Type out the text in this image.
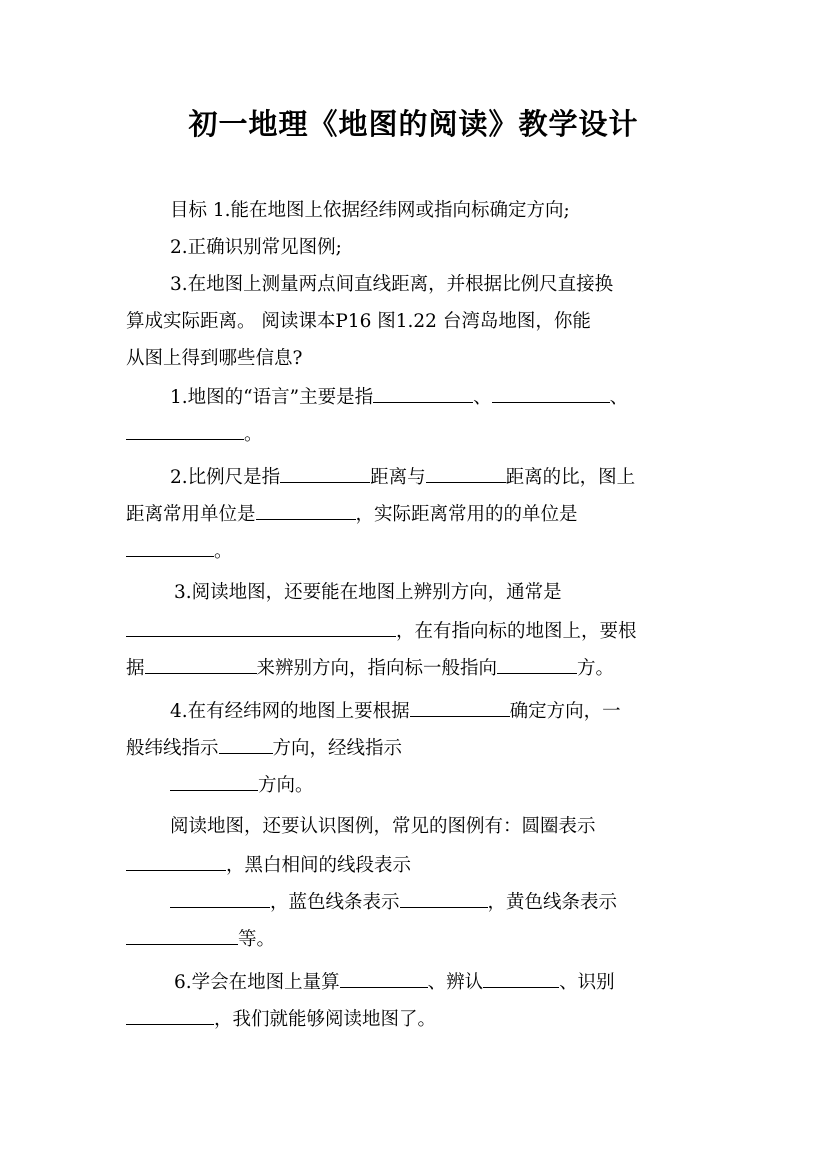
初一地理《地图的阅读》教学设计
目标 1.能在地图上依据经纬网或指向标确定方向;
2.正确识别常见图例;
3.在地图上测量两点间直线距离，并根据比例尺直接换
算成实际距离。 阅读课本P16 图1.22 台湾岛地图，你能
从图上得到哪些信息?
1.地图的“语言”主要是指	、	、
。
2.比例尺是指	距离与	距离的比，图上
距离常用单位是	，实际距离常用的的单位是
。
3.阅读地图，还要能在地图上辨别方向，通常是
，在有指向标的地图上，要根
据	来辨别方向，指向标一般指向	方。
4.在有经纬网的地图上要根据	确定方向，一
般纬线指示	方向，经线指示
方向。
阅读地图，还要认识图例，常见的图例有：圆圈表示
，黑白相间的线段表示
，蓝色线条表示	，黄色线条表示
等。
6.学会在地图上量算	、辨认	、识别
，我们就能够阅读地图了。
